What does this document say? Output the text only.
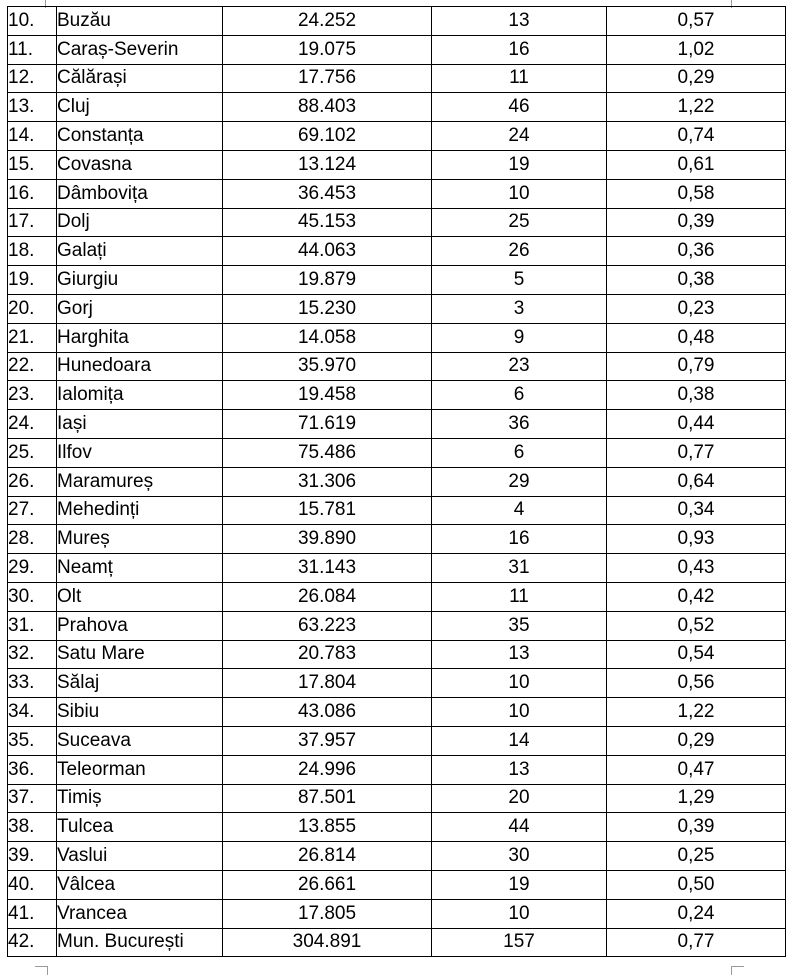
10.	Buzău	24.252	13	0,57
11.	Caraș-Severin	19.075	16	1,02
12.	Călărași	17.756	11	0,29
13.	Cluj	88.403	46	1,22
14.	Constanța	69.102	24	0,74
15.	Covasna	13.124	19	0,61
16.	Dâmbovița	36.453	10	0,58
17.	Dolj	45.153	25	0,39
18.	Galați	44.063	26	0,36
19.	Giurgiu	19.879	5	0,38
20.	Gorj	15.230	3	0,23
21.	Harghita	14.058	9	0,48
22.	Hunedoara	35.970	23	0,79
23.	Ialomița	19.458	6	0,38
24.	Iași	71.619	36	0,44
25.	Ilfov	75.486	6	0,77
26.	Maramureș	31.306	29	0,64
27.	Mehedinți	15.781	4	0,34
28.	Mureș	39.890	16	0,93
29.	Neamț	31.143	31	0,43
30.	Olt	26.084	11	0,42
31.	Prahova	63.223	35	0,52
32.	Satu Mare	20.783	13	0,54
33.	Sălaj	17.804	10	0,56
34.	Sibiu	43.086	10	1,22
35.	Suceava	37.957	14	0,29
36.	Teleorman	24.996	13	0,47
37.	Timiș	87.501	20	1,29
38.	Tulcea	13.855	44	0,39
39.	Vaslui	26.814	30	0,25
40.	Vâlcea	26.661	19	0,50
41.	Vrancea	17.805	10	0,24
42.	Mun. București	304.891	157	0,77
